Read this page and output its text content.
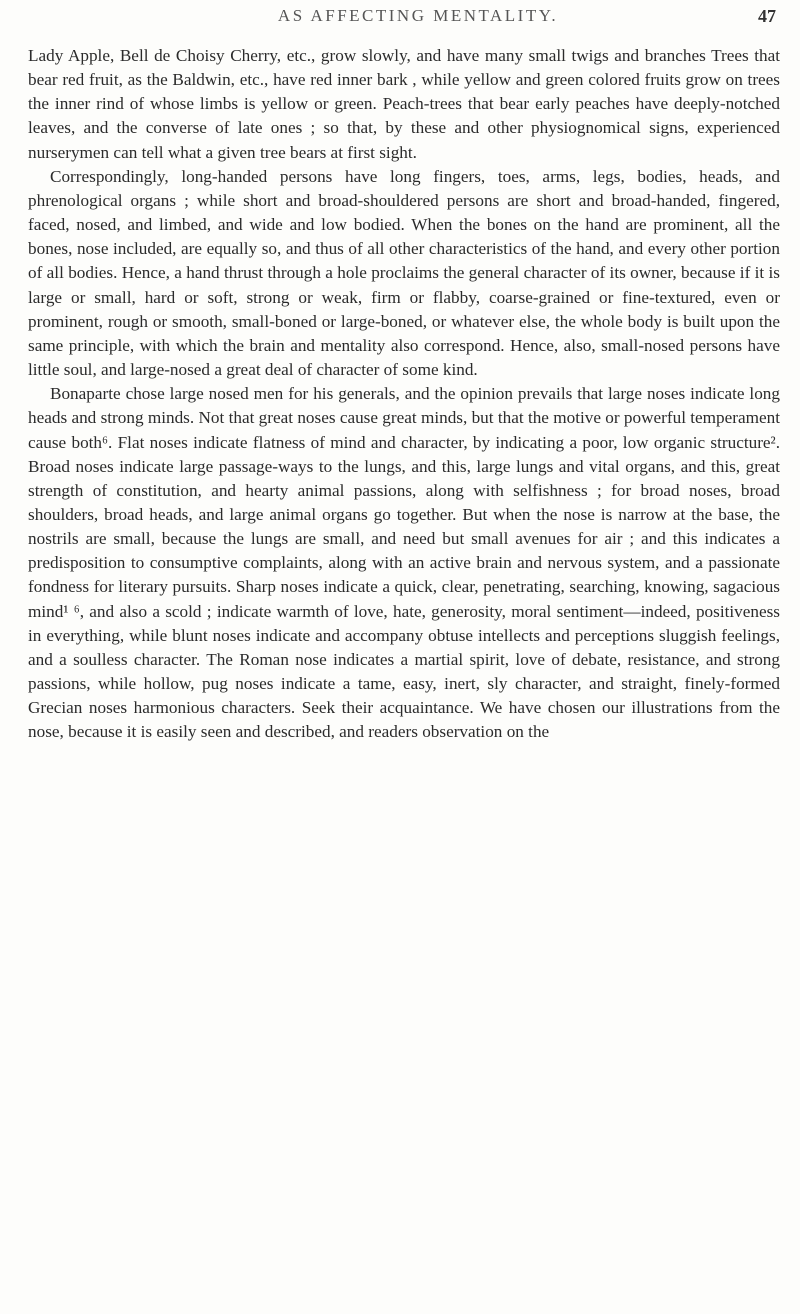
AS AFFECTING MENTALITY.	47

Lady Apple, Bell de Choisy Cherry, etc., grow slowly, and have many small twigs and branches Trees that bear red fruit, as the Baldwin, etc., have red inner bark , while yellow and green colored fruits grow on trees the inner rind of whose limbs is yellow or green. Peach-trees that bear early peaches have deeply-notched leaves, and the converse of late ones ; so that, by these and other physiognomical signs, experienced nurserymen can tell what a given tree bears at first sight.

Correspondingly, long-handed persons have long fingers, toes, arms, legs, bodies, heads, and phrenological organs ; while short and broad-shouldered persons are short and broad-handed, fingered, faced, nosed, and limbed, and wide and low bodied. When the bones on the hand are prominent, all the bones, nose included, are equally so, and thus of all other characteristics of the hand, and every other portion of all bodies. Hence, a hand thrust through a hole proclaims the general character of its owner, because if it is large or small, hard or soft, strong or weak, firm or flabby, coarse-grained or fine-textured, even or prominent, rough or smooth, small-boned or large-boned, or whatever else, the whole body is built upon the same principle, with which the brain and mentality also correspond. Hence, also, small-nosed persons have little soul, and large-nosed a great deal of character of some kind.

Bonaparte chose large nosed men for his generals, and the opinion prevails that large noses indicate long heads and strong minds. Not that great noses cause great minds, but that the motive or powerful temperament cause both⁶. Flat noses indicate flatness of mind and character, by indicating a poor, low organic structure². Broad noses indicate large passage-ways to the lungs, and this, large lungs and vital organs, and this, great strength of constitution, and hearty animal passions, along with selfishness ; for broad noses, broad shoulders, broad heads, and large animal organs go together. But when the nose is narrow at the base, the nostrils are small, because the lungs are small, and need but small avenues for air ; and this indicates a predisposition to consumptive complaints, along with an active brain and nervous system, and a passionate fondness for literary pursuits. Sharp noses indicate a quick, clear, penetrating, searching, knowing, sagacious mind¹ ⁶, and also a scold ; indicate warmth of love, hate, generosity, moral sentiment—indeed, positiveness in everything, while blunt noses indicate and accompany obtuse intellects and perceptions sluggish feelings, and a soulless character. The Roman nose indicates a martial spirit, love of debate, resistance, and strong passions, while hollow, pug noses indicate a tame, easy, inert, sly character, and straight, finely-formed Grecian noses harmonious characters. Seek their acquaintance. We have chosen our illustrations from the nose, because it is easily seen and described, and readers observation on the
